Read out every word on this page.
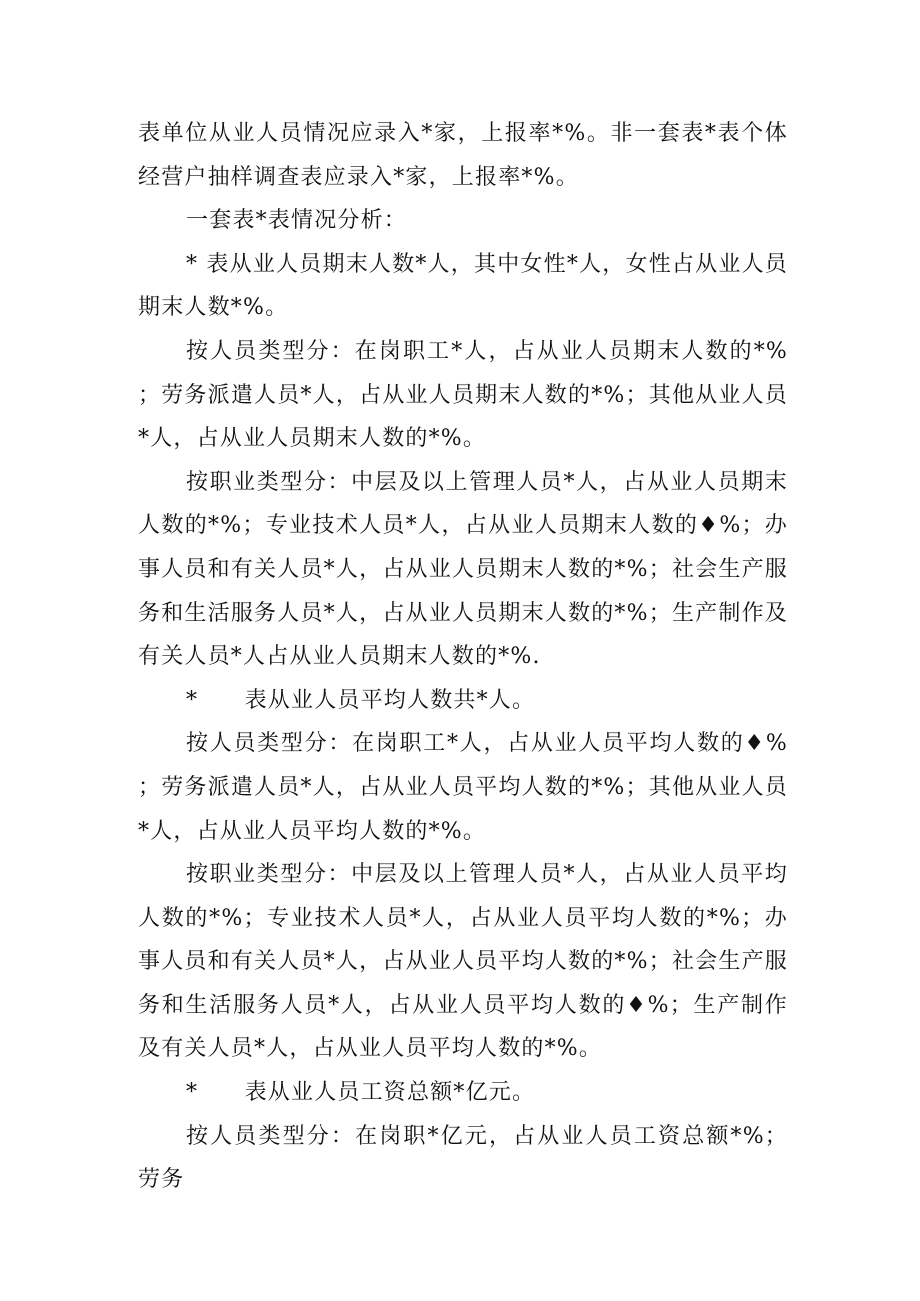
表单位从业人员情况应录入*家，上报率*%。非一套表*表个体经营户抽样调查表应录入*家，上报率*%。

一套表*表情况分析：

* 表从业人员期末人数*人，其中女性*人，女性占从业人员期末人数*%。

按人员类型分：在岗职工*人，占从业人员期末人数的*%；劳务派遣人员*人，占从业人员期末人数的*%；其他从业人员*人，占从业人员期末人数的*%。

按职业类型分：中层及以上管理人员*人，占从业人员期末人数的*%；专业技术人员*人，占从业人员期末人数的♦%；办事人员和有关人员*人，占从业人员期末人数的*%；社会生产服务和生活服务人员*人，占从业人员期末人数的*%；生产制作及有关人员*人占从业人员期末人数的*%.

*　　表从业人员平均人数共*人。

按人员类型分：在岗职工*人，占从业人员平均人数的♦%；劳务派遣人员*人，占从业人员平均人数的*%；其他从业人员*人，占从业人员平均人数的*%。

按职业类型分：中层及以上管理人员*人，占从业人员平均人数的*%；专业技术人员*人，占从业人员平均人数的*%；办事人员和有关人员*人，占从业人员平均人数的*%；社会生产服务和生活服务人员*人，占从业人员平均人数的♦%；生产制作及有关人员*人，占从业人员平均人数的*%。

*　　表从业人员工资总额*亿元。

按人员类型分：在岗职*亿元，占从业人员工资总额*%；劳务
